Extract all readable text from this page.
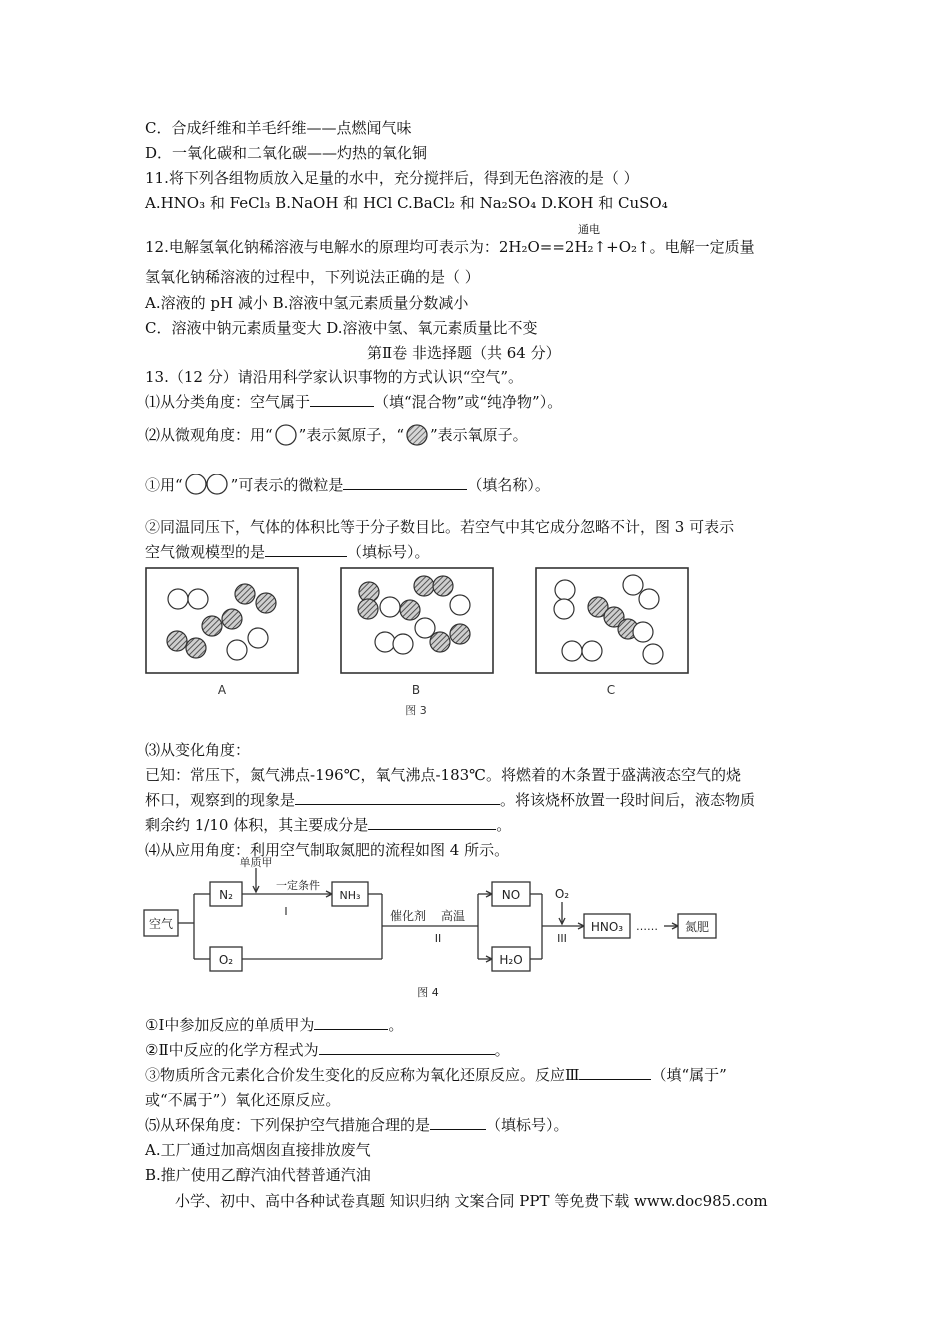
C．合成纤维和羊毛纤维——点燃闻气味
D．一氧化碳和二氧化碳——灼热的氧化铜
11.将下列各组物质放入足量的水中，充分搅拌后，得到无色溶液的是（ ）
A.HNO₃ 和 FeCl₃ B.NaOH 和 HCl C.BaCl₂ 和 Na₂SO₄ D.KOH 和 CuSO₄
通电
12.电解氢氧化钠稀溶液与电解水的原理均可表示为：2H₂O==2H₂↑+O₂↑。电解一定质量
氢氧化钠稀溶液的过程中，下列说法正确的是（ ）
A.溶液的 pH 减小 B.溶液中氢元素质量分数减小
C．溶液中钠元素质量变大 D.溶液中氢、氧元素质量比不变
第Ⅱ卷 非选择题（共 64 分）
13.（12 分）请沿用科学家认识事物的方式认识“空气”。
⑴从分类角度：空气属于	（填“混合物”或“纯净物”）。
⑵从微观角度：用“ ”表示氮原子，“ ”表示氧原子。
①用“	”可表示的微粒是	（填名称）。
②同温同压下，气体的体积比等于分子数目比。若空气中其它成分忽略不计，图 3 可表示
空气微观模型的是	（填标号）。
A	B	C
图 3
⑶从变化角度：
已知：常压下，氮气沸点-196℃，氧气沸点-183℃。将燃着的木条置于盛满液态空气的烧
杯口，观察到的现象是	。将该烧杯放置一段时间后，液态物质
剩余约 1/10 体积，其主要成分是	。
⑷从应用角度：利用空气制取氮肥的流程如图 4 所示。
空气
N₂
O₂
NH₃
单质甲
一定条件
I	催化剂 高温
II
NO
H₂O
O₂
III
HNO₃ …… 氮肥
图 4
①Ⅰ中参加反应的单质甲为	。
②Ⅱ中反应的化学方程式为	。
③物质所含元素化合价发生变化的反应称为氧化还原反应。反应Ⅲ	（填“属于”
或“不属于”）氧化还原反应。
⑸从环保角度：下列保护空气措施合理的是	（填标号）。
A.工厂通过加高烟囱直接排放废气
B.推广使用乙醇汽油代替普通汽油
小学、初中、高中各种试卷真题 知识归纳 文案合同 PPT 等免费下载 www.doc985.com
